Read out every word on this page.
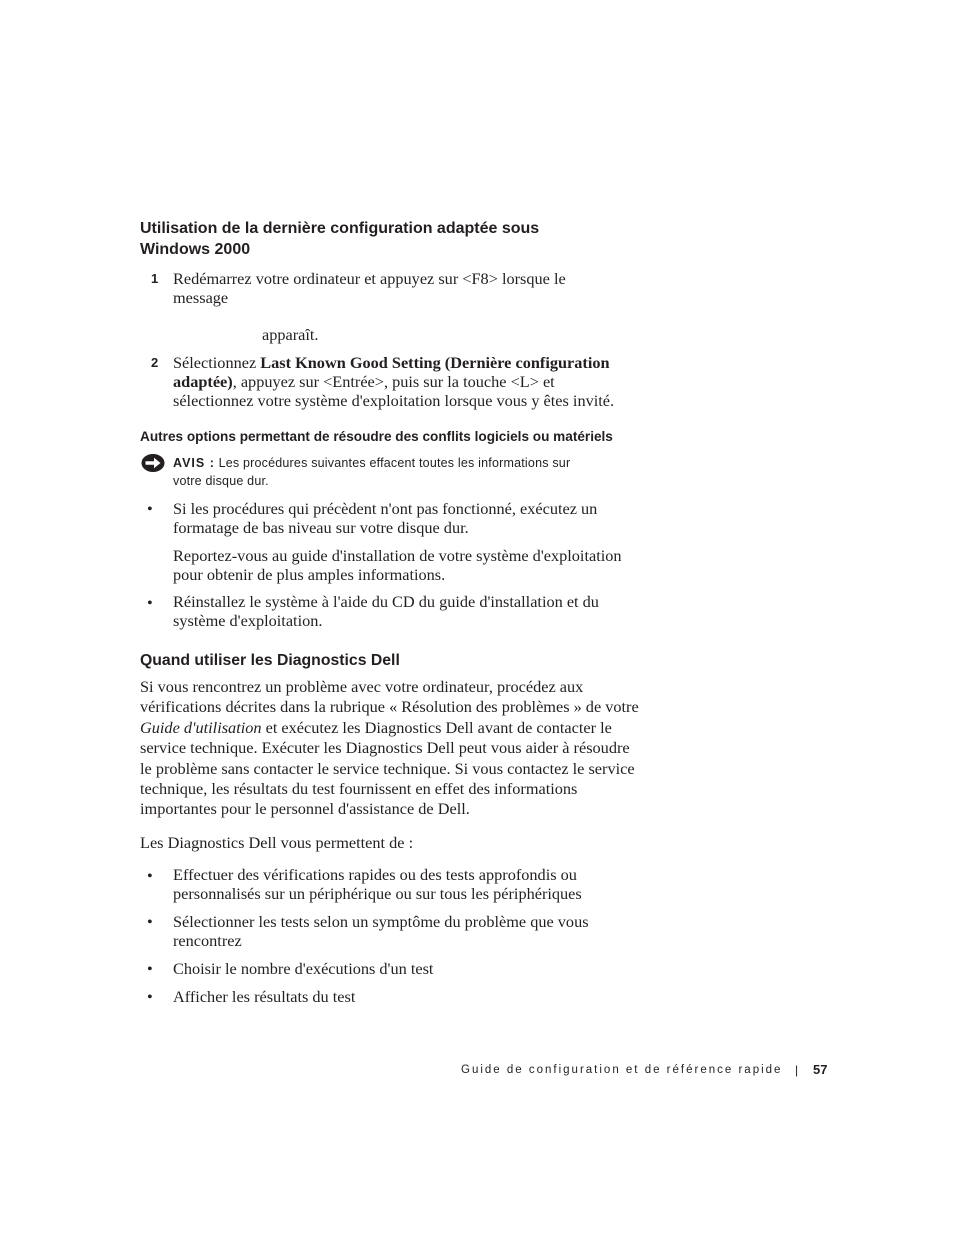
Utilisation de la dernière configuration adaptée sous
Windows 2000
1 Redémarrez votre ordinateur et appuyez sur <F8> lorsque le
message
apparaît.
2 Sélectionnez Last Known Good Setting (Dernière configuration
adaptée), appuyez sur <Entrée>, puis sur la touche <L> et
sélectionnez votre système d'exploitation lorsque vous y êtes invité.
Autres options permettant de résoudre des conflits logiciels ou matériels
AVIS : Les procédures suivantes effacent toutes les informations sur
votre disque dur.
• Si les procédures qui précèdent n'ont pas fonctionné, exécutez un
formatage de bas niveau sur votre disque dur.
Reportez-vous au guide d'installation de votre système d'exploitation
pour obtenir de plus amples informations.
• Réinstallez le système à l'aide du CD du guide d'installation et du
système d'exploitation.
Quand utiliser les Diagnostics Dell
Si vous rencontrez un problème avec votre ordinateur, procédez aux
vérifications décrites dans la rubrique « Résolution des problèmes » de votre
Guide d'utilisation et exécutez les Diagnostics Dell avant de contacter le
service technique. Exécuter les Diagnostics Dell peut vous aider à résoudre
le problème sans contacter le service technique. Si vous contactez le service
technique, les résultats du test fournissent en effet des informations
importantes pour le personnel d'assistance de Dell.
Les Diagnostics Dell vous permettent de :
• Effectuer des vérifications rapides ou des tests approfondis ou
personnalisés sur un périphérique ou sur tous les périphériques
• Sélectionner les tests selon un symptôme du problème que vous
rencontrez
• Choisir le nombre d'exécutions d'un test
• Afficher les résultats du test
Guide de configuration et de référence rapide | 57
